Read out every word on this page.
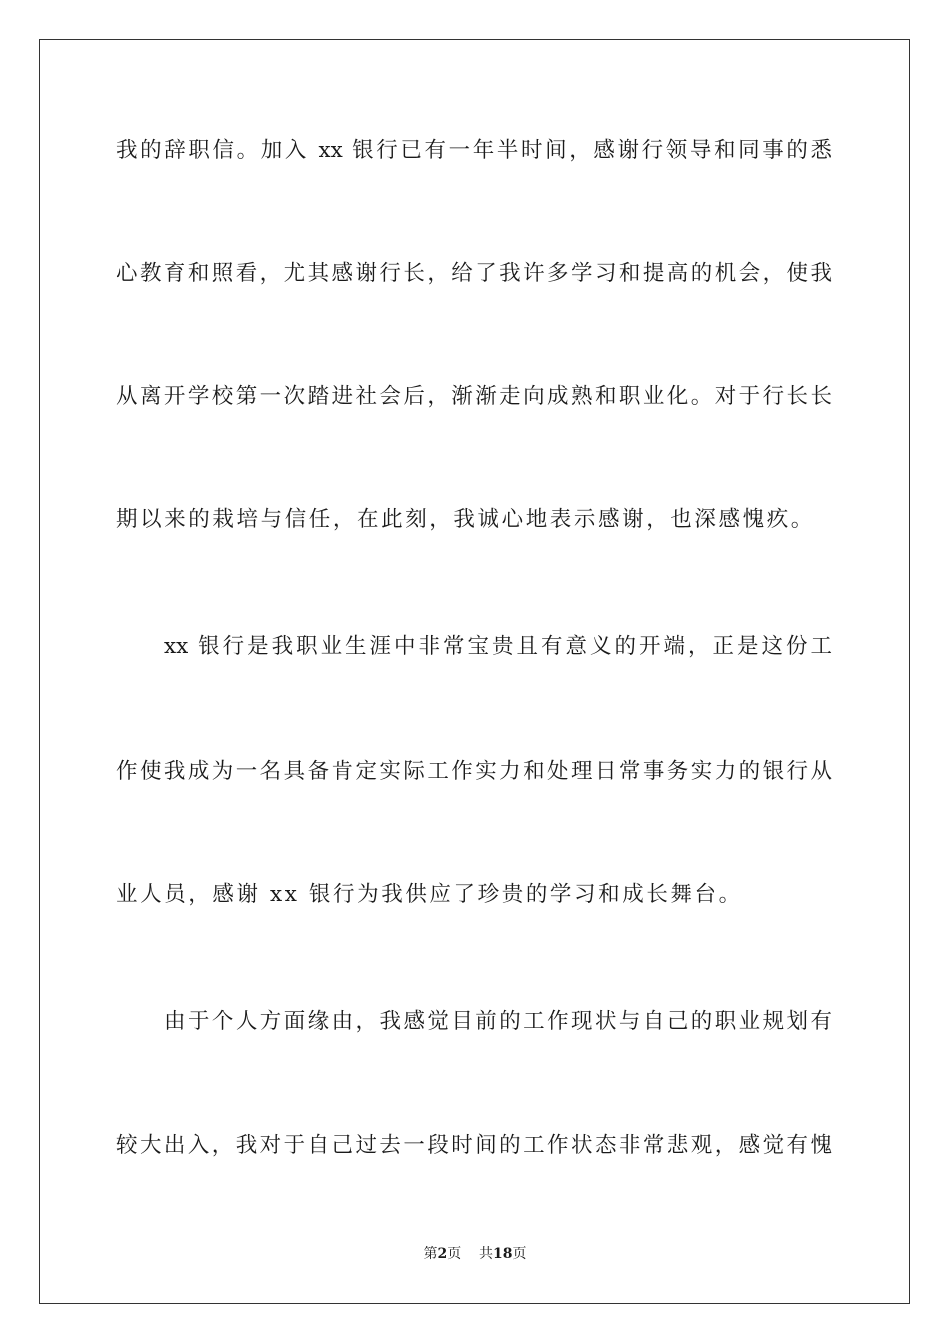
我的辞职信。加入 xx 银行已有一年半时间，感谢行领导和同事的悉
心教育和照看，尤其感谢行长，给了我许多学习和提高的机会，使我
从离开学校第一次踏进社会后，渐渐走向成熟和职业化。对于行长长
期以来的栽培与信任，在此刻，我诚心地表示感谢，也深感愧疚。
xx 银行是我职业生涯中非常宝贵且有意义的开端，正是这份工
作使我成为一名具备肯定实际工作实力和处理日常事务实力的银行从
业人员，感谢 xx 银行为我供应了珍贵的学习和成长舞台。
由于个人方面缘由，我感觉目前的工作现状与自己的职业规划有
较大出入，我对于自己过去一段时间的工作状态非常悲观，感觉有愧
第2页 共18页
